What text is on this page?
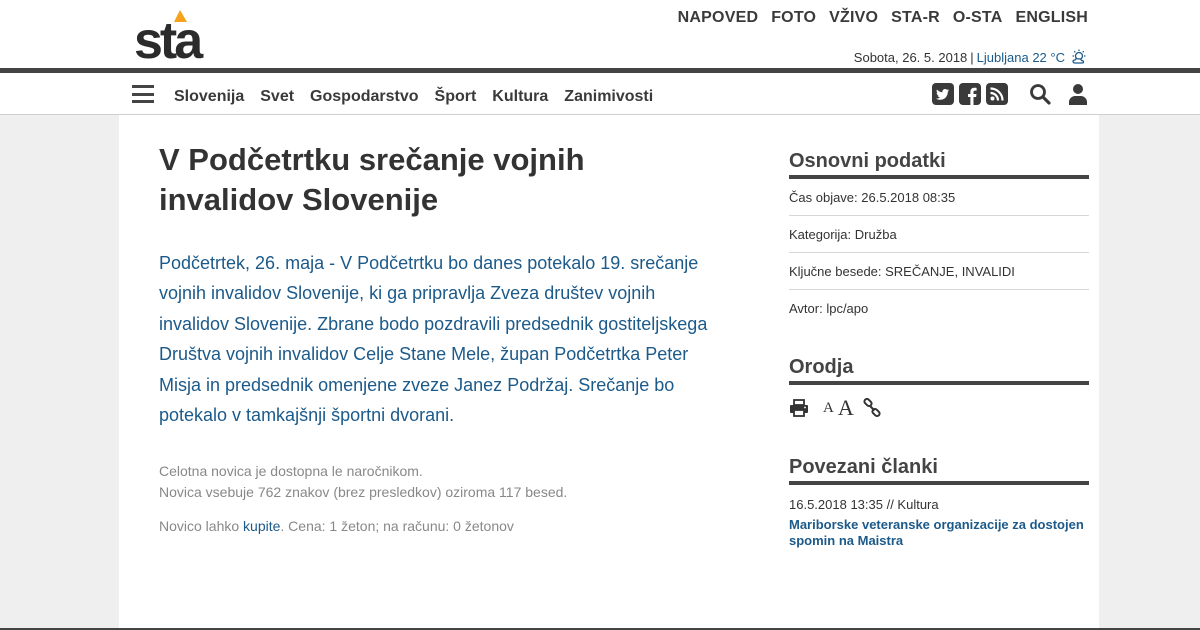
sta	NAPOVED FOTO VŽIVO STA-R O-STA ENGLISH
Sobota, 26. 5. 2018 | Ljubljana 22 °C
Slovenija Svet Gospodarstvo Šport Kultura Zanimivosti
V Podčetrtku srečanje vojnih invalidov Slovenije

Podčetrtek, 26. maja - V Podčetrtku bo danes potekalo 19. srečanje vojnih invalidov Slovenije, ki ga pripravlja Zveza društev vojnih invalidov Slovenije. Zbrane bodo pozdravili predsednik gostiteljskega Društva vojnih invalidov Celje Stane Mele, župan Podčetrtka Peter Misja in predsednik omenjene zveze Janez Podržaj. Srečanje bo potekalo v tamkajšnji športni dvorani.

Celotna novica je dostopna le naročnikom.
Novica vsebuje 762 znakov (brez presledkov) oziroma 117 besed.
Novico lahko kupite. Cena: 1 žeton; na računu: 0 žetonov
Osnovni podatki
Čas objave: 26.5.2018 08:35
Kategorija: Družba
Ključne besede: SREČANJE, INVALIDI
Avtor: lpc/apo
Orodja
A A
Povezani članki
16.5.2018 13:35 // Kultura
Mariborske veteranske organizacije za dostojen spomin na Maistra
